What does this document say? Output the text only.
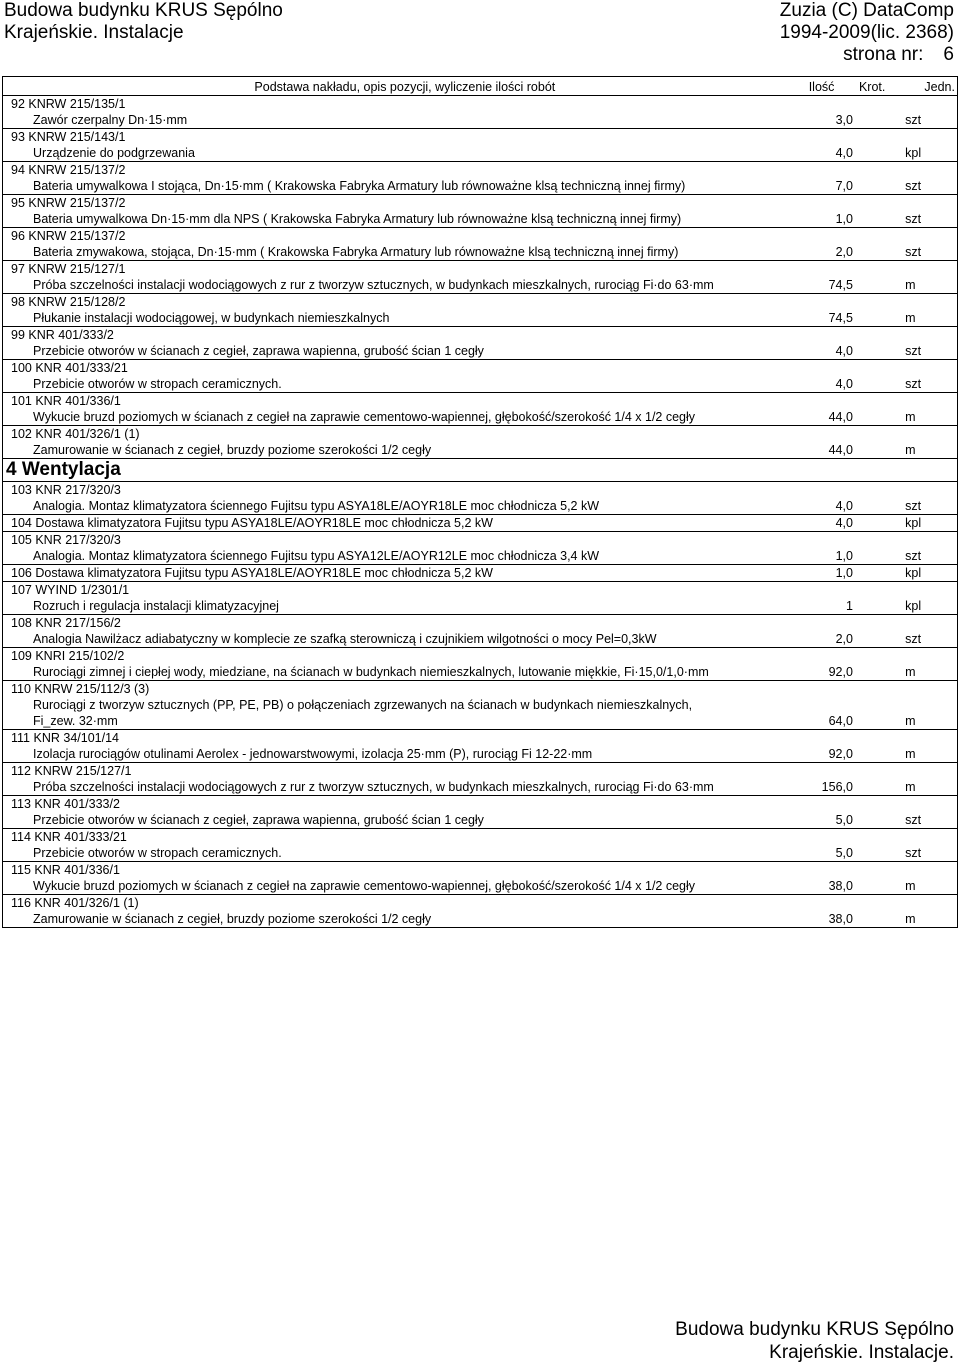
Budowa budynku KRUS Sępólno
Krajeńskie. Instalacje
Zuzia (C) DataComp
1994-2009(lic. 2368)
strona nr: 6
Podstawa nakładu, opis pozycji, wyliczenie ilości robót	Ilość	Krot.	Jedn.
92 KNRW 215/135/1			
Zawór czerpalny Dn·15·mm	3,0		szt
93 KNRW 215/143/1			
Urządzenie do podgrzewania	4,0		kpl
94 KNRW 215/137/2			
Bateria umywalkowa I stojąca, Dn·15·mm ( Krakowska Fabryka Armatury lub równoważne klsą techniczną innej firmy)	7,0		szt
95 KNRW 215/137/2			
Bateria umywalkowa Dn·15·mm dla NPS ( Krakowska Fabryka Armatury lub równoważne klsą techniczną innej firmy)	1,0		szt
96 KNRW 215/137/2			
Bateria zmywakowa, stojąca, Dn·15·mm ( Krakowska Fabryka Armatury lub równoważne klsą techniczną innej firmy)	2,0		szt
97 KNRW 215/127/1			
Próba szczelności instalacji wodociągowych z rur z tworzyw sztucznych, w budynkach mieszkalnych, rurociąg Fi·do 63·mm	74,5		m
98 KNRW 215/128/2			
Płukanie instalacji wodociągowej, w budynkach niemieszkalnych	74,5		m
99 KNR 401/333/2			
Przebicie otworów w ścianach z cegieł, zaprawa wapienna, grubość ścian 1 cegły	4,0		szt
100 KNR 401/333/21			
Przebicie otworów w stropach ceramicznych.	4,0		szt
101 KNR 401/336/1			
Wykucie bruzd poziomych w ścianach z cegieł na zaprawie cementowo-wapiennej, głębokość/szerokość 1/4 x 1/2 cegły	44,0		m
102 KNR 401/326/1 (1)			
Zamurowanie w ścianach z cegieł, bruzdy poziome szerokości 1/2 cegły	44,0		m
4 Wentylacja			
103 KNR 217/320/3			
Analogia. Montaz klimatyzatora ściennego Fujitsu typu ASYA18LE/AOYR18LE moc chłodnicza 5,2 kW	4,0		szt
104 Dostawa klimatyzatora Fujitsu typu ASYA18LE/AOYR18LE moc chłodnicza 5,2 kW	4,0		kpl
105 KNR 217/320/3			
Analogia. Montaz klimatyzatora ściennego Fujitsu typu ASYA12LE/AOYR12LE moc chłodnicza 3,4 kW	1,0		szt
106 Dostawa klimatyzatora Fujitsu typu ASYA18LE/AOYR18LE moc chłodnicza 5,2 kW	1,0		kpl
107 WYIND 1/2301/1			
Rozruch i regulacja instalacji klimatyzacyjnej	1		kpl
108 KNR 217/156/2			
Analogia Nawilżacz adiabatyczny w komplecie ze szafką sterowniczą i czujnikiem wilgotności o mocy Pel=0,3kW	2,0		szt
109 KNRI 215/102/2			
Rurociągi zimnej i ciepłej wody, miedziane, na ścianach w budynkach niemieszkalnych, lutowanie miękkie, Fi·15,0/1,0·mm	92,0		m
110 KNRW 215/112/3 (3)			
Rurociągi z tworzyw sztucznych (PP, PE, PB) o połączeniach zgrzewanych na ścianach w budynkach niemieszkalnych,			
Fi_zew. 32·mm	64,0		m
111 KNR 34/101/14			
Izolacja rurociągów otulinami Aerolex - jednowarstwowymi, izolacja 25·mm (P), rurociąg Fi 12-22·mm	92,0		m
112 KNRW 215/127/1			
Próba szczelności instalacji wodociągowych z rur z tworzyw sztucznych, w budynkach mieszkalnych, rurociąg Fi·do 63·mm	156,0		m
113 KNR 401/333/2			
Przebicie otworów w ścianach z cegieł, zaprawa wapienna, grubość ścian 1 cegły	5,0		szt
114 KNR 401/333/21			
Przebicie otworów w stropach ceramicznych.	5,0		szt
115 KNR 401/336/1			
Wykucie bruzd poziomych w ścianach z cegieł na zaprawie cementowo-wapiennej, głębokość/szerokość 1/4 x 1/2 cegły	38,0		m
116 KNR 401/326/1 (1)			
Zamurowanie w ścianach z cegieł, bruzdy poziome szerokości 1/2 cegły	38,0		m
Budowa budynku KRUS Sępólno
Krajeńskie. Instalacje.
